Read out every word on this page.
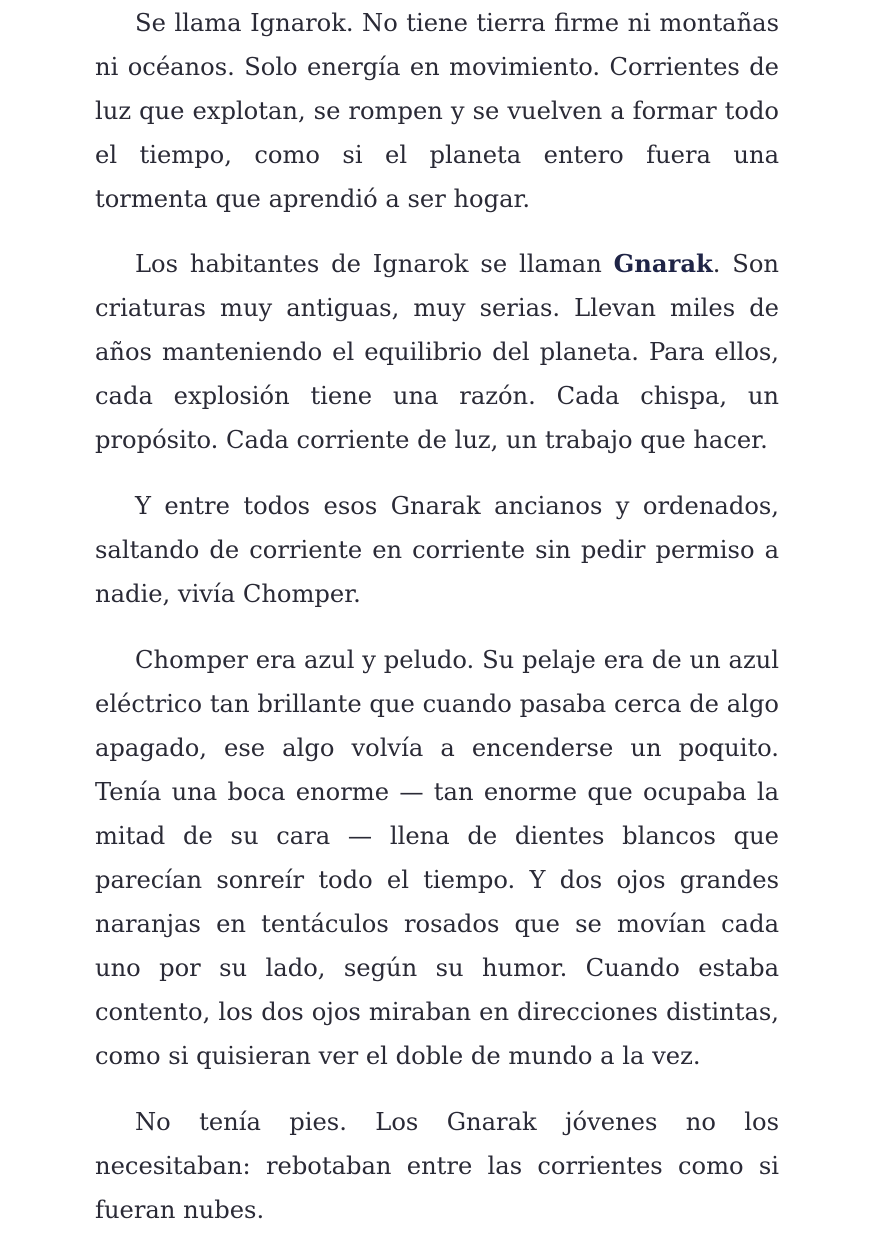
Se llama Ignarok. No tiene tierra firme ni montañas ni océanos. Solo energía en movimiento. Corrientes de luz que explotan, se rompen y se vuelven a formar todo el tiempo, como si el planeta entero fuera una tormenta que aprendió a ser hogar.

Los habitantes de Ignarok se llaman Gnarak. Son criaturas muy antiguas, muy serias. Llevan miles de años manteniendo el equilibrio del planeta. Para ellos, cada explosión tiene una razón. Cada chispa, un propósito. Cada corriente de luz, un trabajo que hacer.

Y entre todos esos Gnarak ancianos y ordenados, saltando de corriente en corriente sin pedir permiso a nadie, vivía Chomper.

Chomper era azul y peludo. Su pelaje era de un azul eléctrico tan brillante que cuando pasaba cerca de algo apagado, ese algo volvía a encenderse un poquito. Tenía una boca enorme — tan enorme que ocupaba la mitad de su cara — llena de dientes blancos que parecían sonreír todo el tiempo. Y dos ojos grandes naranjas en tentáculos rosados que se movían cada uno por su lado, según su humor. Cuando estaba contento, los dos ojos miraban en direcciones distintas, como si quisieran ver el doble de mundo a la vez.

No tenía pies. Los Gnarak jóvenes no los necesitaban: rebotaban entre las corrientes como si fueran nubes.
